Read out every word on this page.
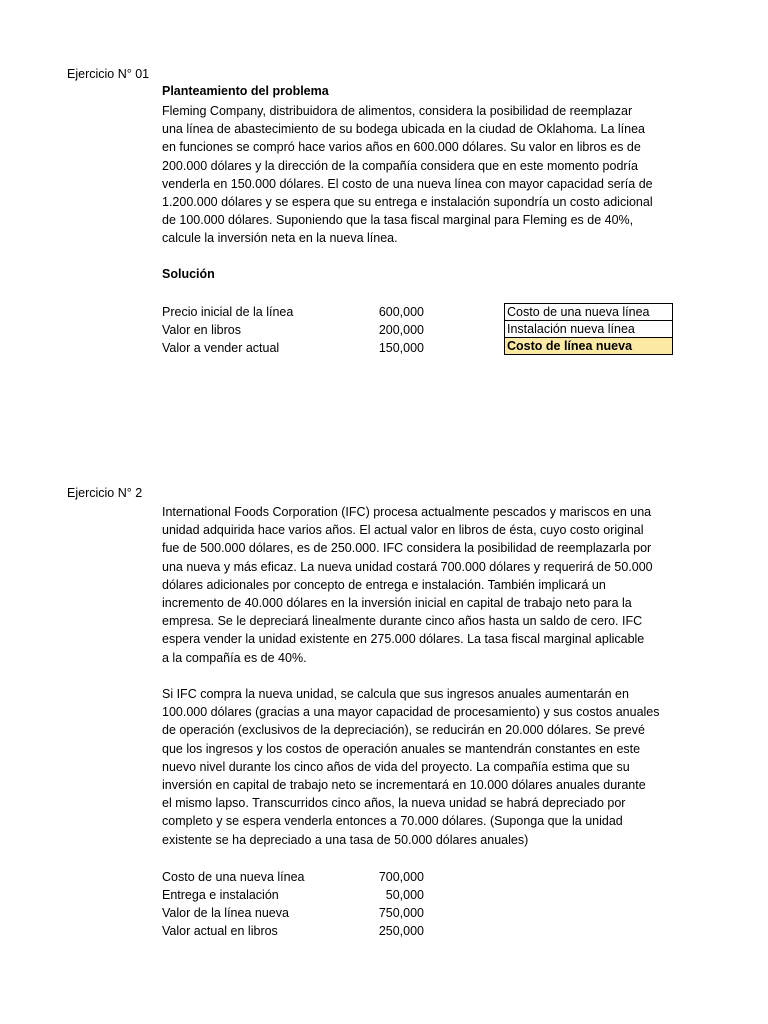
Ejercicio N° 01
Planteamiento del problema
Fleming Company, distribuidora de alimentos, considera la posibilidad de reemplazar
una línea de abastecimiento de su bodega ubicada en la ciudad de Oklahoma. La línea
en funciones se compró hace varios años en 600.000 dólares. Su valor en libros es de
200.000 dólares y la dirección de la compañía considera que en este momento podría
venderla en 150.000 dólares. El costo de una nueva línea con mayor capacidad sería de
1.200.000 dólares y se espera que su entrega e instalación supondría un costo adicional
de 100.000 dólares. Suponiendo que la tasa fiscal marginal para Fleming es de 40%,
calcule la inversión neta en la nueva línea.
Solución
Precio inicial de la línea	600,000
Valor en libros	200,000
Valor a vender actual	150,000
Costo de una nueva línea
Instalación nueva línea
Costo de línea nueva
Ejercicio N° 2
International Foods Corporation (IFC) procesa actualmente pescados y mariscos en una
unidad adquirida hace varios años. El actual valor en libros de ésta, cuyo costo original
fue de 500.000 dólares, es de 250.000. IFC considera la posibilidad de reemplazarla por
una nueva y más eficaz. La nueva unidad costará 700.000 dólares y requerirá de 50.000
dólares adicionales por concepto de entrega e instalación. También implicará un
incremento de 40.000 dólares en la inversión inicial en capital de trabajo neto para la
empresa. Se le depreciará linealmente durante cinco años hasta un saldo de cero. IFC
espera vender la unidad existente en 275.000 dólares. La tasa fiscal marginal aplicable
a la compañía es de 40%.
Si IFC compra la nueva unidad, se calcula que sus ingresos anuales aumentarán en
100.000 dólares (gracias a una mayor capacidad de procesamiento) y sus costos anuales
de operación (exclusivos de la depreciación), se reducirán en 20.000 dólares. Se prevé
que los ingresos y los costos de operación anuales se mantendrán constantes en este
nuevo nivel durante los cinco años de vida del proyecto. La compañía estima que su
inversión en capital de trabajo neto se incrementará en 10.000 dólares anuales durante
el mismo lapso. Transcurridos cinco años, la nueva unidad se habrá depreciado por
completo y se espera venderla entonces a 70.000 dólares. (Suponga que la unidad
existente se ha depreciado a una tasa de 50.000 dólares anuales)
Costo de una nueva línea	700,000
Entrega e instalación	50,000
Valor de la línea nueva	750,000
Valor actual en libros	250,000
